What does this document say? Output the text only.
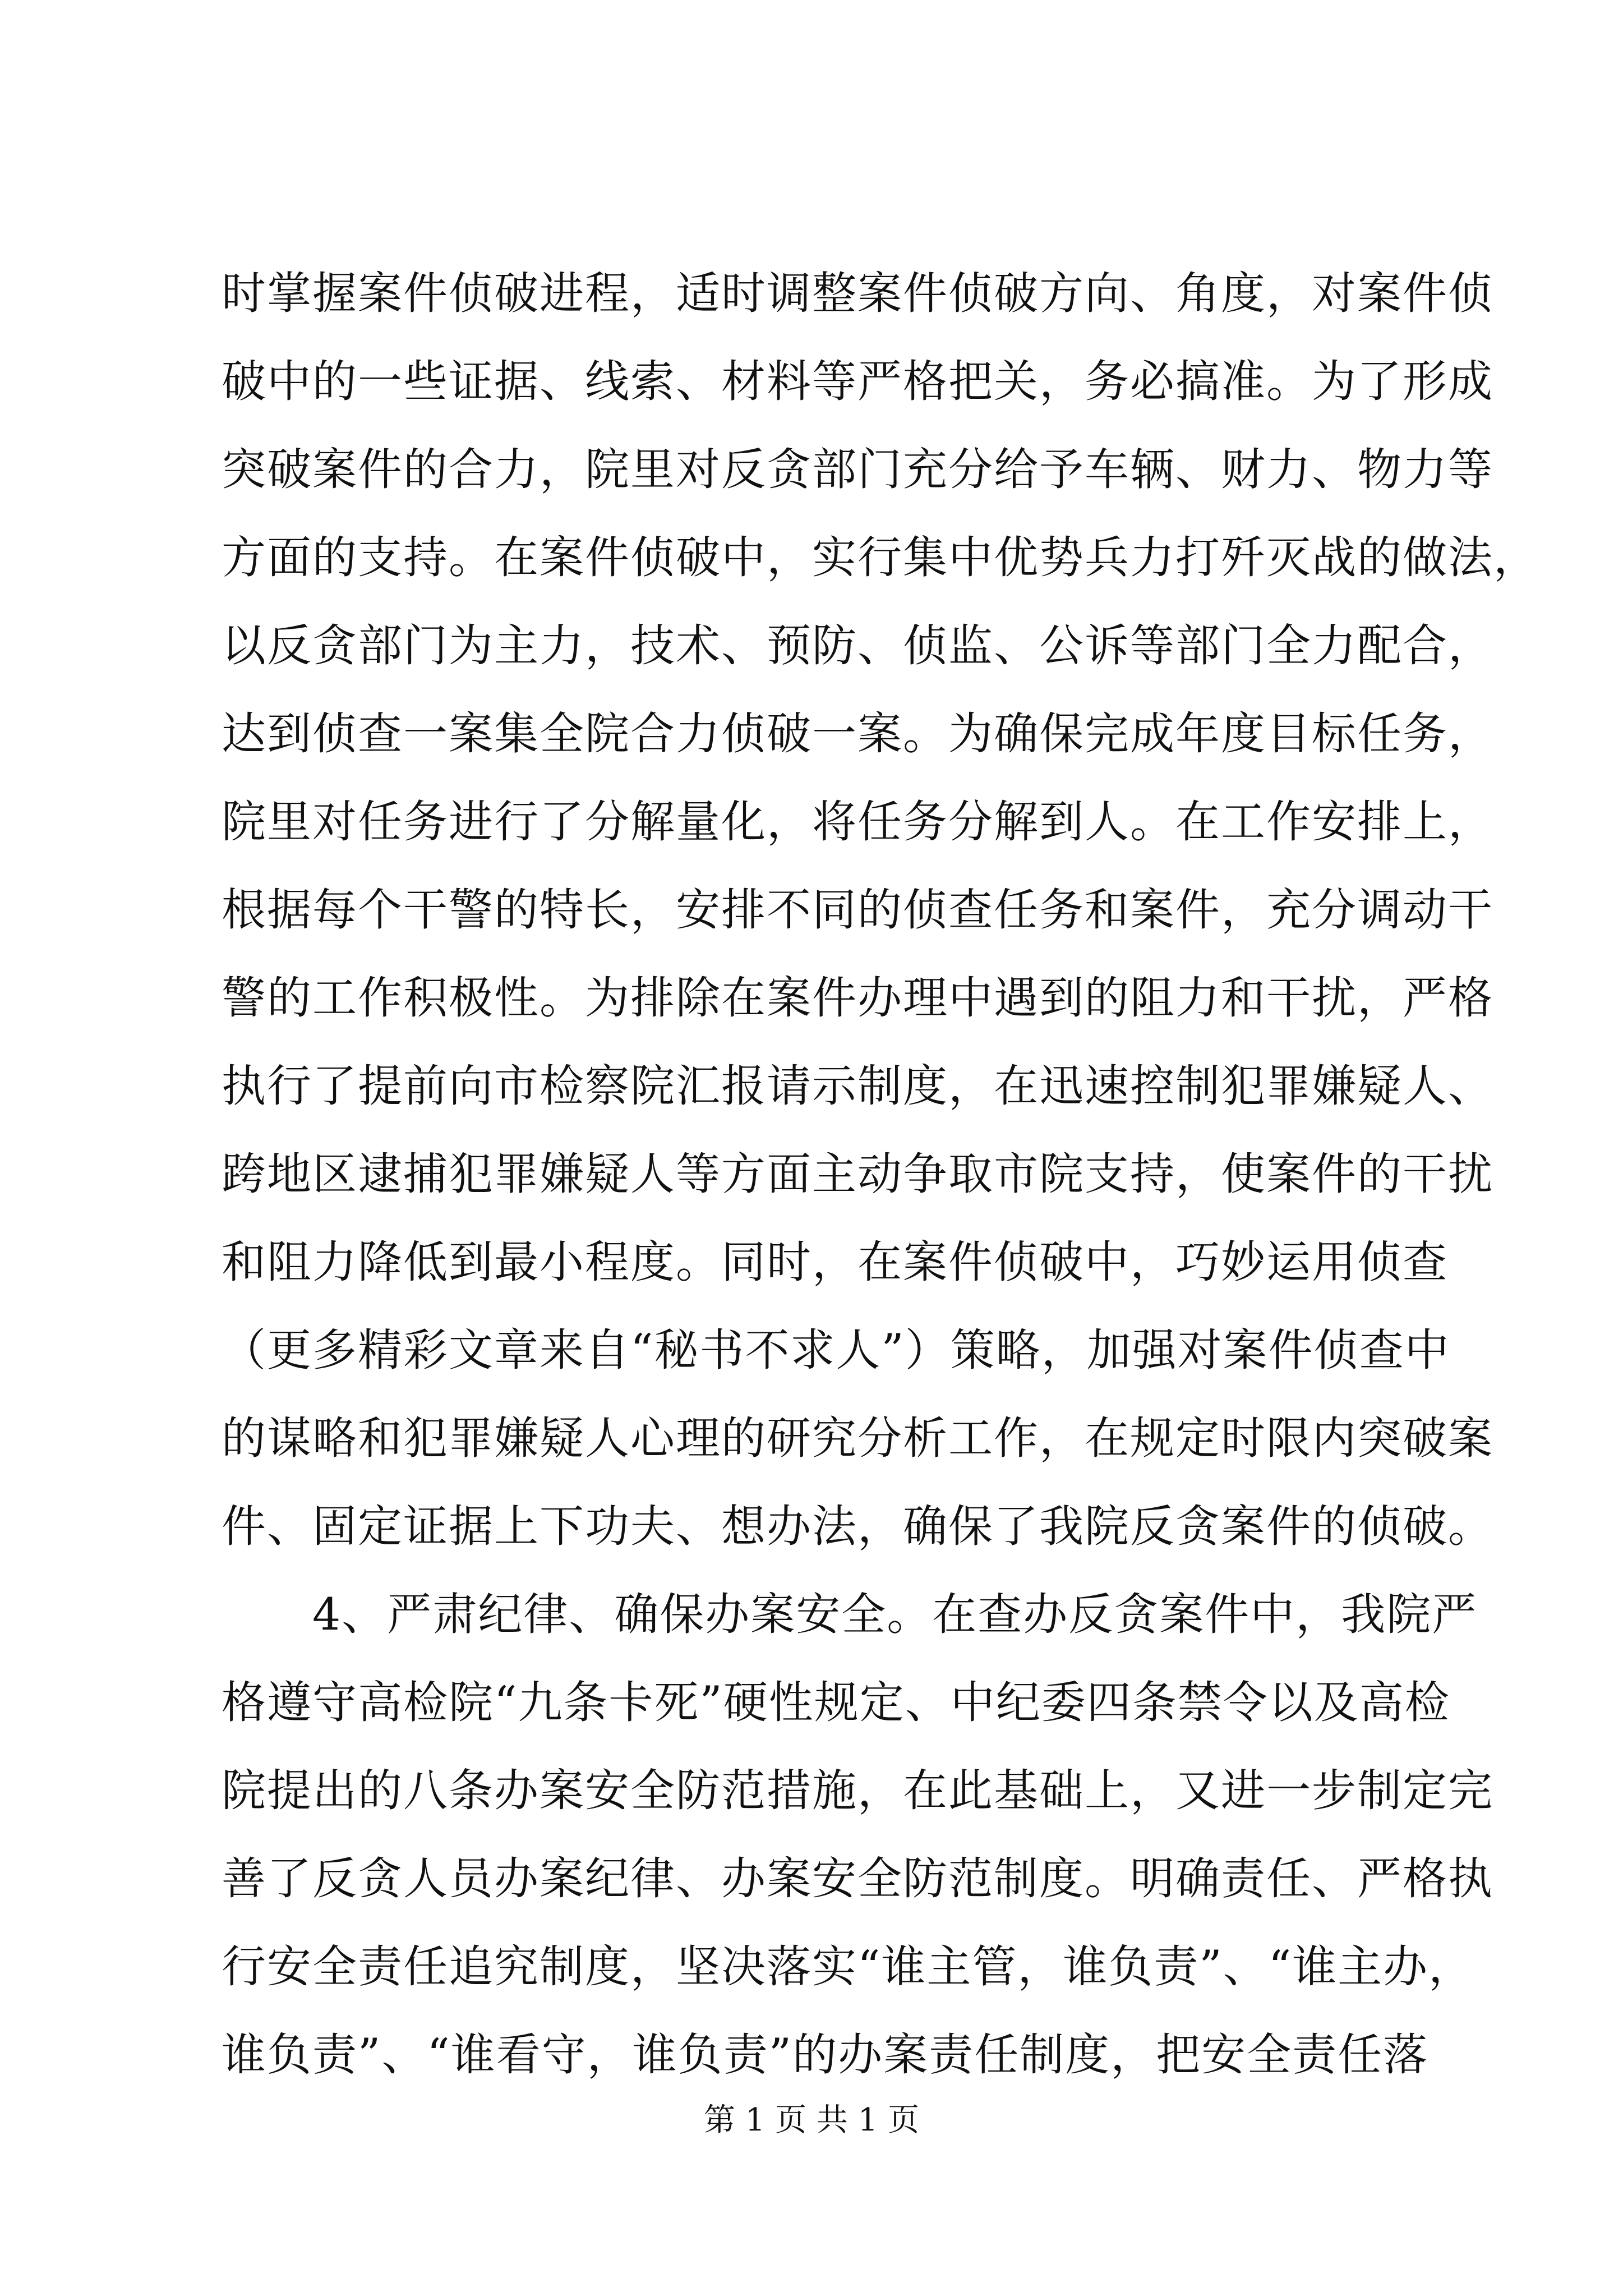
时掌握案件侦破进程，适时调整案件侦破方向、角度，对案件侦
破中的一些证据、线索、材料等严格把关，务必搞准。为了形成
突破案件的合力，院里对反贪部门充分给予车辆、财力、物力等
方面的支持。在案件侦破中，实行集中优势兵力打歼灭战的做法，
以反贪部门为主力，技术、预防、侦监、公诉等部门全力配合，
达到侦查一案集全院合力侦破一案。为确保完成年度目标任务，
院里对任务进行了分解量化，将任务分解到人。在工作安排上，
根据每个干警的特长，安排不同的侦查任务和案件，充分调动干
警的工作积极性。为排除在案件办理中遇到的阻力和干扰，严格
执行了提前向市检察院汇报请示制度，在迅速控制犯罪嫌疑人、
跨地区逮捕犯罪嫌疑人等方面主动争取市院支持，使案件的干扰
和阻力降低到最小程度。同时，在案件侦破中，巧妙运用侦查
（更多精彩文章来自“秘书不求人”）策略，加强对案件侦查中
的谋略和犯罪嫌疑人心理的研究分析工作，在规定时限内突破案
件、固定证据上下功夫、想办法，确保了我院反贪案件的侦破。
　　4、严肃纪律、确保办案安全。在查办反贪案件中，我院严
格遵守高检院“九条卡死”硬性规定、中纪委四条禁令以及高检
院提出的八条办案安全防范措施，在此基础上，又进一步制定完
善了反贪人员办案纪律、办案安全防范制度。明确责任、严格执
行安全责任追究制度，坚决落实“谁主管，谁负责”、“谁主办，
谁负责”、“谁看守，谁负责”的办案责任制度，把安全责任落
第 1 页 共 1 页
